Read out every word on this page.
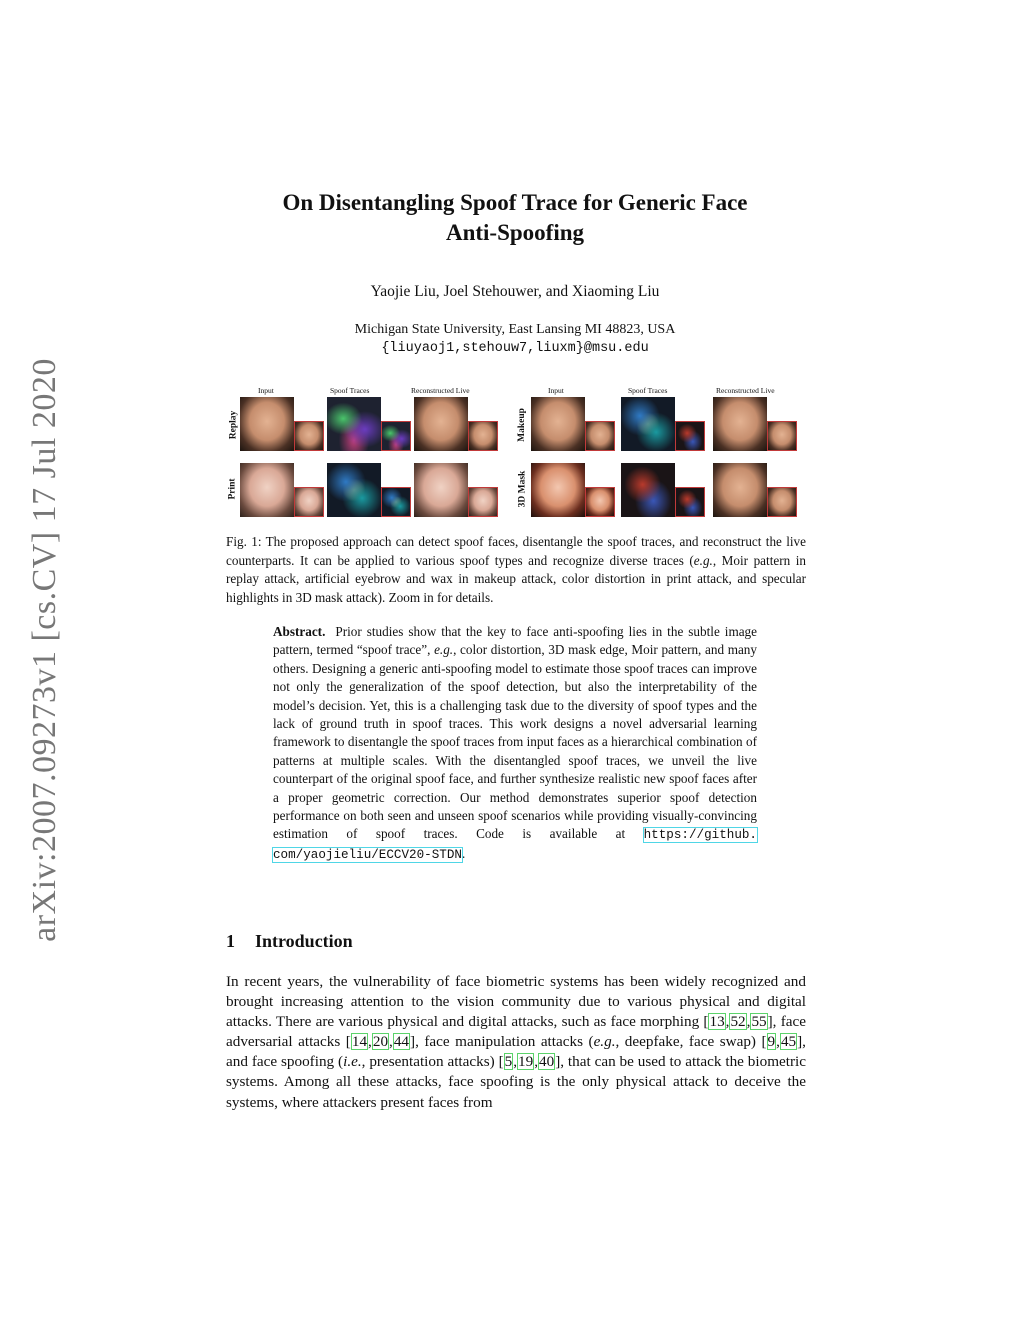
arXiv:2007.09273v1 [cs.CV] 17 Jul 2020
On Disentangling Spoof Trace for Generic Face
Anti-Spoofing
Yaojie Liu, Joel Stehouwer, and Xiaoming Liu
Michigan State University, East Lansing MI 48823, USA
{liuyaoj1,stehouw7,liuxm}@msu.edu
Input	Spoof Traces	Reconstructed Live
Replay
Print
Input	Spoof Traces	Reconstructed Live
Makeup
3D Mask
Fig. 1: The proposed approach can detect spoof faces, disentangle the spoof traces, and reconstruct the live counterparts. It can be applied to various spoof types and recognize diverse traces (e.g., Moir pattern in replay attack, artificial eyebrow and wax in makeup attack, color distortion in print attack, and specular highlights in 3D mask attack). Zoom in for details.
Abstract. Prior studies show that the key to face anti-spoofing lies in the subtle image pattern, termed “spoof trace”, e.g., color distortion, 3D mask edge, Moir pattern, and many others. Designing a generic anti-spoofing model to estimate those spoof traces can improve not only the generalization of the spoof detection, but also the interpretability of the model’s decision. Yet, this is a challenging task due to the diversity of spoof types and the lack of ground truth in spoof traces. This work designs a novel adversarial learning framework to disentangle the spoof traces from input faces as a hierarchical combination of patterns at multiple scales. With the disentangled spoof traces, we unveil the live counterpart of the original spoof face, and further synthesize realistic new spoof faces after a proper geometric correction. Our method demonstrates superior spoof detection performance on both seen and unseen spoof scenarios while providing visually-convincing estimation of spoof traces. Code is available at https://github. com/yaojieliu/ECCV20-STDN.
1 Introduction
In recent years, the vulnerability of face biometric systems has been widely recognized and brought increasing attention to the vision community due to various physical and digital attacks. There are various physical and digital attacks, such as face morphing [13,52,55], face adversarial attacks [14,20,44], face manipulation attacks (e.g., deepfake, face swap) [9,45], and face spoofing (i.e., presentation attacks) [5,19,40], that can be used to attack the biometric systems. Among all these attacks, face spoofing is the only physical attack to deceive the systems, where attackers present faces from
